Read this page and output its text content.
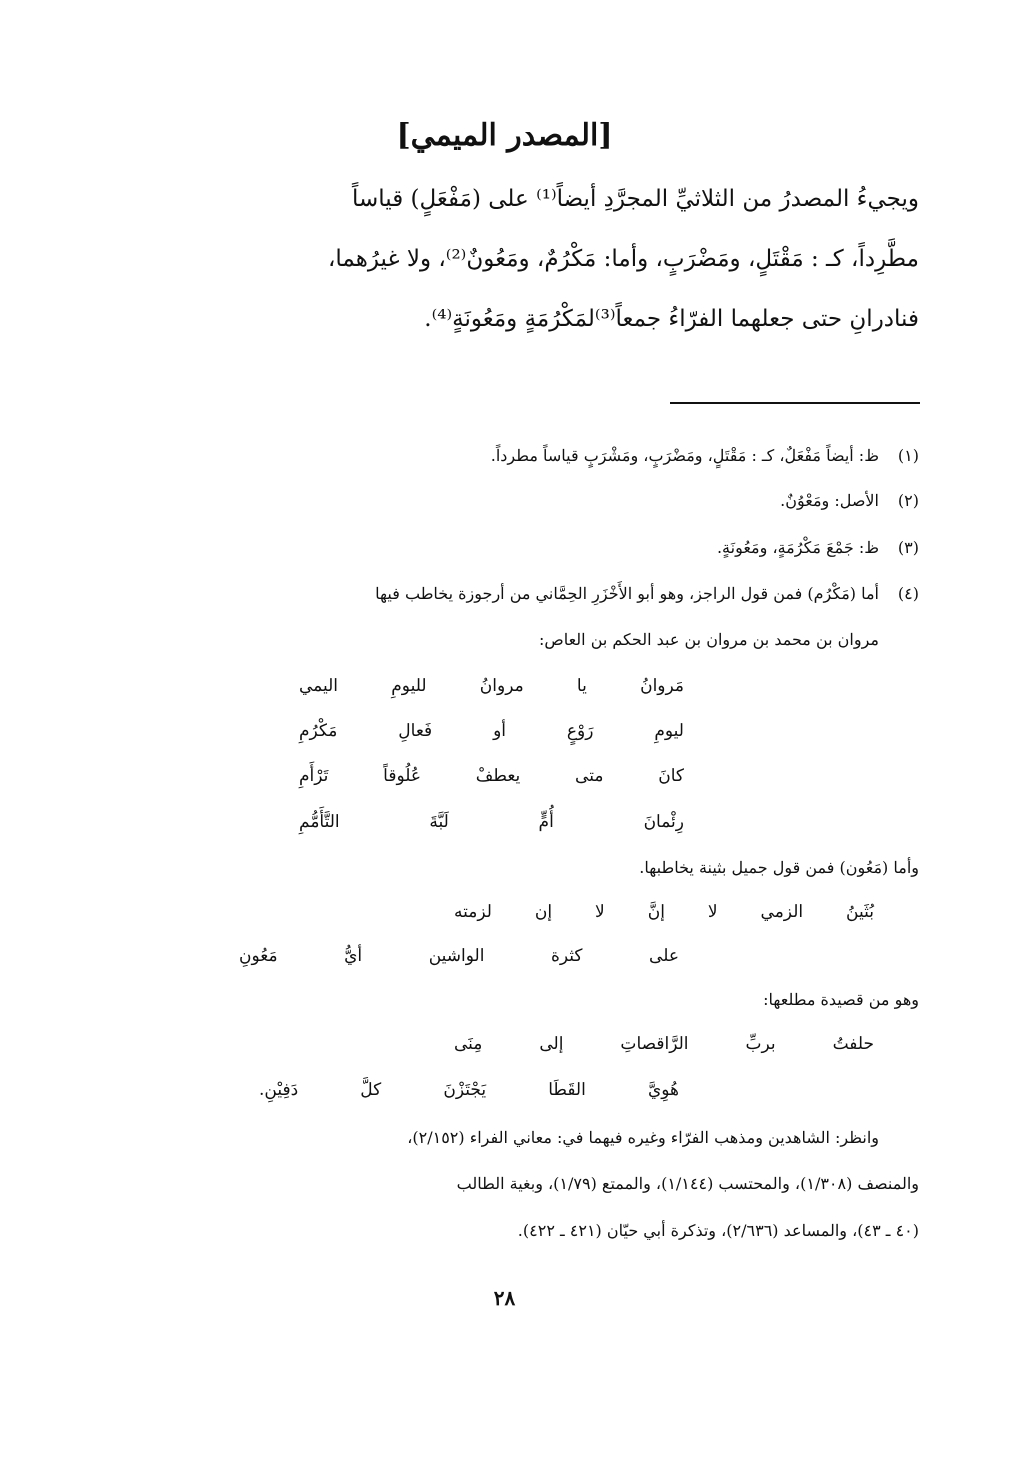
[المصدر الميمي]
ويجيءُ المصدرُ من الثلاثيِّ المجرَّدِ أيضاً⁽¹⁾ على (مَفْعَلٍ) قياساً
مطَّرِداً، كـ : مَقْتَلٍ، ومَضْرَبٍ، وأما: مَكْرُمٌ، ومَعُونٌ⁽²⁾، ولا غيرُهما،
فنادرانِ حتى جعلهما الفرّاءُ جمعاً⁽³⁾لمَكْرُمَةٍ ومَعُونَةٍ⁽⁴⁾.
(١)ظ: أيضاً مَفْعَلٌ، كـ : مَقْتَلٍ، ومَضْرَبٍ، ومَشْرَبٍ قياساً مطرداً.
(٢)الأصل: ومَعْوُنٌ.
(٣)ظ: جَمْعَ مَكْرُمَةٍ، ومَعُونَةٍ.
(٤)أما (مَكْرُم) فمن قول الراجز، وهو أبو الأَخْزَرِ الحِمَّاني من أرجوزة يخاطب فيها
مروان بن محمد بن مروان بن عبد الحكم بن العاص:
مَروانُ يا مروانُ لليومِ اليمي
ليومِ رَوْعٍ أو فَعالِ مَكْرُمِ
كانَ متى يعطفْ عُلُوقاً تَرْأَمِ
رِئْمانَ أُمٍّ لَبَّةَ التَّأَمُّمِ
وأما (مَعُون) فمن قول جميل بثينة يخاطبها.
بُثَينُ الزمي لا إنَّ لا إن لزمته
على كثرة الواشين أيُّ مَعُونِ
وهو من قصيدة مطلعها:
حلفتُ بربِّ الرَّاقصاتِ إلى مِنَى
هُوِيَّ القَطَا يَجْتَزْنَ كلَّ دَفِيْنِ.
وانظر: الشاهدين ومذهب الفرّاء وغيره فيهما في: معاني الفراء (٢/١٥٢)،
والمنصف (١/٣٠٨)، والمحتسب (١/١٤٤)، والممتع (١/٧٩)، وبغية الطالب
(٤٠ ـ ٤٣)، والمساعد (٢/٦٣٦)، وتذكرة أبي حيّان (٤٢١ ـ ٤٢٢).
٢٨
